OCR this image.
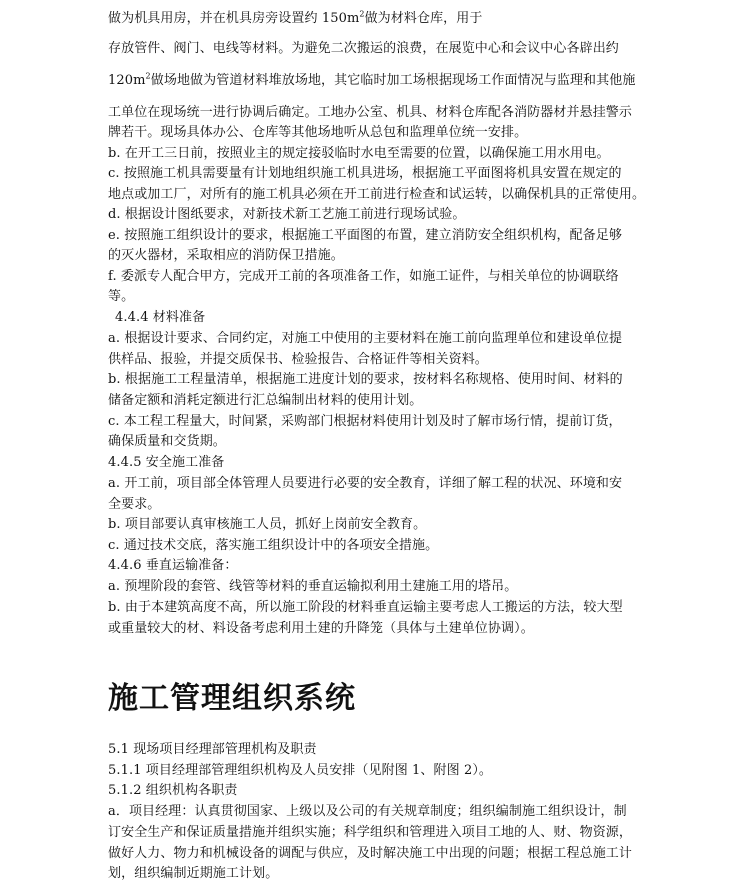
做为机具用房，并在机具房旁设置约 $150m^2$做为材料仓库，用于
存放管件、阀门、电线等材料。为避免二次搬运的浪费，在展览中心和会议中心各辟出约
$120m^2$做场地做为管道材料堆放场地，其它临时加工场根据现场工作面情况与监理和其他施
工单位在现场统一进行协调后确定。工地办公室、机具、材料仓库配各消防器材并悬挂警示
牌若干。现场具体办公、仓库等其他场地听从总包和监理单位统一安排。
b. 在开工三日前，按照业主的规定接驳临时水电至需要的位置，以确保施工用水用电。
c. 按照施工机具需要量有计划地组织施工机具进场，根据施工平面图将机具安置在规定的
地点或加工厂，对所有的施工机具必须在开工前进行检查和试运转，以确保机具的正常使用。
d. 根据设计图纸要求，对新技术新工艺施工前进行现场试验。
e. 按照施工组织设计的要求，根据施工平面图的布置，建立消防安全组织机构，配备足够
的灭火器材，采取相应的消防保卫措施。
f. 委派专人配合甲方，完成开工前的各项准备工作，如施工证件，与相关单位的协调联络
等。
4.4.4 材料准备
a. 根据设计要求、合同约定，对施工中使用的主要材料在施工前向监理单位和建设单位提
供样品、报验，并提交质保书、检验报告、合格证件等相关资料。
b. 根据施工工程量清单，根据施工进度计划的要求，按材料名称规格、使用时间、材料的
储备定额和消耗定额进行汇总编制出材料的使用计划。
c. 本工程工程量大，时间紧，采购部门根据材料使用计划及时了解市场行情，提前订货，
确保质量和交货期。
4.4.5 安全施工准备
a. 开工前，项目部全体管理人员要进行必要的安全教育，详细了解工程的状况、环境和安
全要求。
b. 项目部要认真审核施工人员，抓好上岗前安全教育。
c. 通过技术交底，落实施工组织设计中的各项安全措施。
4.4.6 垂直运输准备：
a. 预埋阶段的套管、线管等材料的垂直运输拟利用土建施工用的塔吊。
b. 由于本建筑高度不高，所以施工阶段的材料垂直运输主要考虑人工搬运的方法，较大型
或重量较大的材、料设备考虑利用土建的升降笼（具体与土建单位协调）。
施工管理组织系统
5.1 现场项目经理部管理机构及职责
5.1.1 项目经理部管理组织机构及人员安排（见附图 1、附图 2）。
5.1.2 组织机构各职责
a．项目经理：认真贯彻国家、上级以及公司的有关规章制度；组织编制施工组织设计，制
订安全生产和保证质量措施并组织实施；科学组织和管理进入项目工地的人、财、物资源，
做好人力、物力和机械设备的调配与供应，及时解决施工中出现的问题；根据工程总施工计
划，组织编制近期施工计划。
